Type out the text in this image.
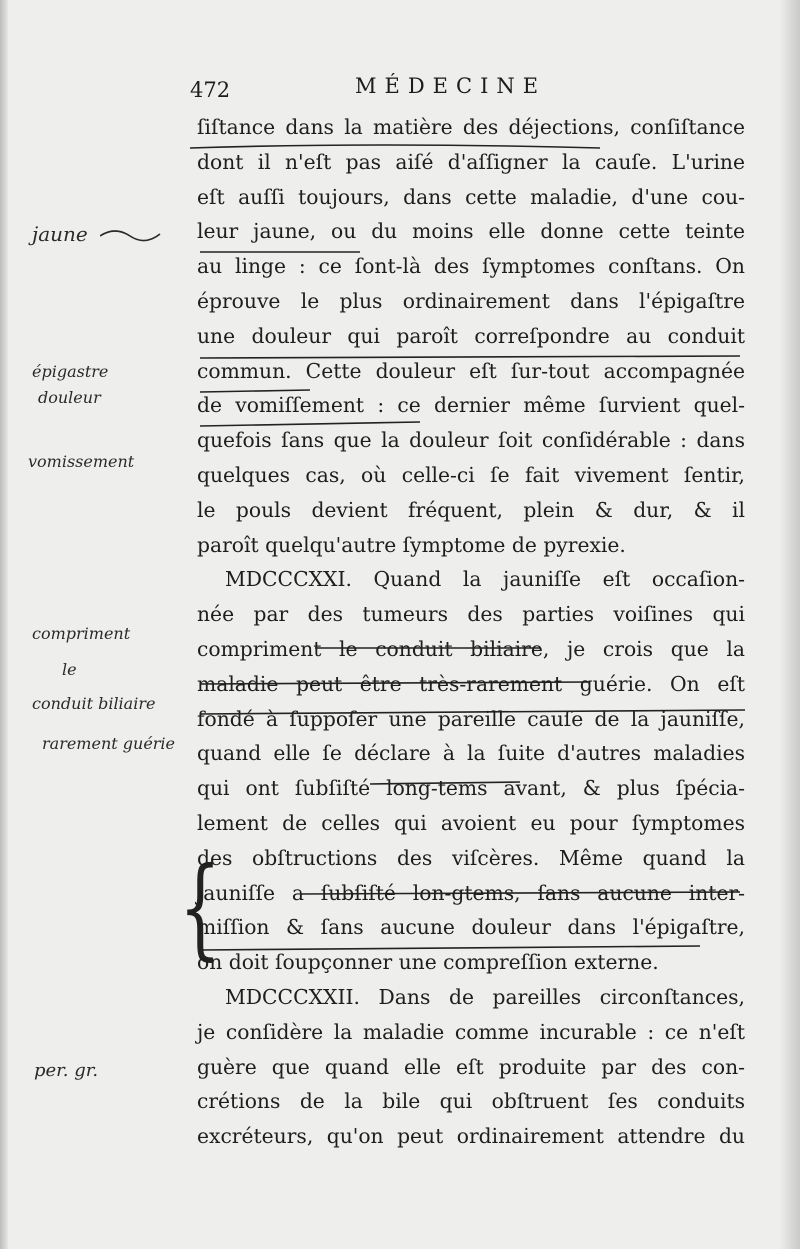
472	MÉDECINE
jaune
épigastre
douleur
vomissement
compriment
le
conduit biliaire
rarement guérie
per. gr.
{
ſiſtance dans la matière des déjections, conſiſtance
dont il n'eſt pas aiſé d'aſſigner la cauſe. L'urine
eſt auſſi toujours, dans cette maladie, d'une cou-
leur jaune, ou du moins elle donne cette teinte
au linge : ce ſont-là des ſymptomes conſtans. On
éprouve le plus ordinairement dans l'épigaſtre
une douleur qui paroît correſpondre au conduit
commun. Cette douleur eſt ſur-tout accompagnée
de vomiſſement : ce dernier même ſurvient quel-
quefois ſans que la douleur ſoit conſidérable : dans
quelques cas, où celle-ci ſe fait vivement ſentir,
le pouls devient fréquent, plein & dur, & il
paroît quelqu'autre ſymptome de pyrexie.
MDCCCXXI. Quand la jauniſſe eſt occaſion-
née par des tumeurs des parties voiſines qui
compriment le conduit biliaire, je crois que la
maladie peut être très-rarement guérie. On eſt
fondé à ſuppoſer une pareille cauſe de la jauniſſe,
quand elle ſe déclare à la ſuite d'autres maladies
qui ont ſubſiſté long-tems avant, & plus ſpécia-
lement de celles qui avoient eu pour ſymptomes
des obſtructions des viſcères. Même quand la
jauniſſe a ſubſiſté lon-gtems, ſans aucune inter-
miſſion & ſans aucune douleur dans l'épigaſtre,
on doit ſoupçonner une compreſſion externe.
MDCCCXXII. Dans de pareilles circonſtances,
je conſidère la maladie comme incurable : ce n'eſt
guère que quand elle eſt produite par des con-
crétions de la bile qui obſtruent ſes conduits
excréteurs, qu'on peut ordinairement attendre du
